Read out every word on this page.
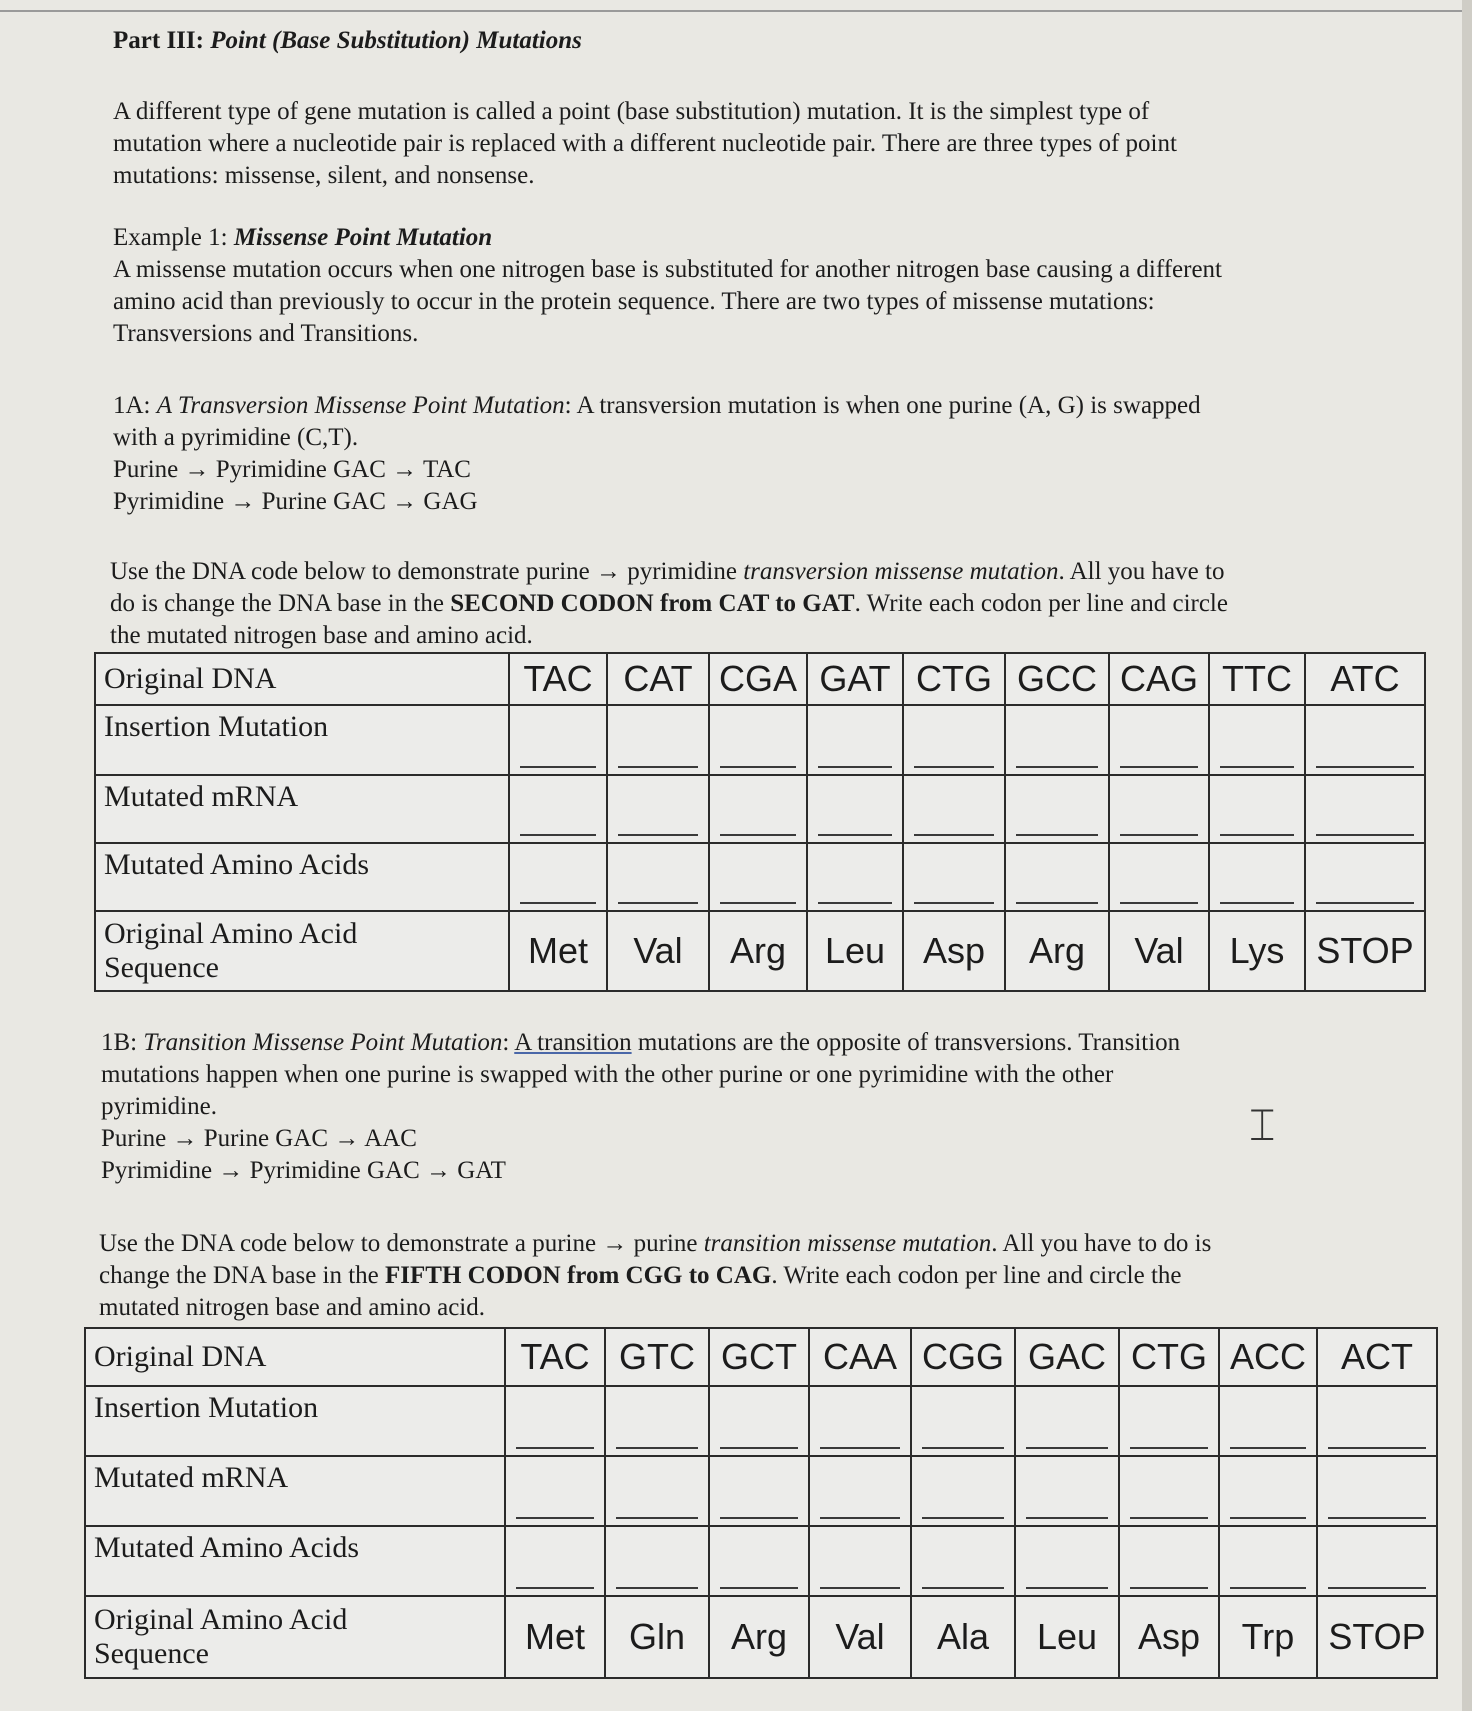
Part III: Point (Base Substitution) Mutations
A different type of gene mutation is called a point (base substitution) mutation. It is the simplest type of
mutation where a nucleotide pair is replaced with a different nucleotide pair. There are three types of point
mutations: missense, silent, and nonsense.
Example 1: Missense Point Mutation
A missense mutation occurs when one nitrogen base is substituted for another nitrogen base causing a different
amino acid than previously to occur in the protein sequence. There are two types of missense mutations:
Transversions and Transitions.
1A: A Transversion Missense Point Mutation: A transversion mutation is when one purine (A, G) is swapped
with a pyrimidine (C,T).
Purine → Pyrimidine GAC → TAC
Pyrimidine → Purine GAC → GAG
Use the DNA code below to demonstrate purine → pyrimidine transversion missense mutation. All you have to
do is change the DNA base in the SECOND CODON from CAT to GAT. Write each codon per line and circle
the mutated nitrogen base and amino acid.
Original DNA	TAC	CAT	CGA	GAT	CTG	GCC	CAG	TTC	ATC
Insertion Mutation									
Mutated mRNA									
Mutated Amino Acids									

Original Amino Acid
Sequence	Met	Val	Arg	Leu	Asp	Arg	Val	Lys	STOP
1B: Transition Missense Point Mutation: A transition mutations are the opposite of transversions. Transition
mutations happen when one purine is swapped with the other purine or one pyrimidine with the other
pyrimidine.
Purine → Purine GAC → AAC
Pyrimidine → Pyrimidine GAC → GAT
⌶
Use the DNA code below to demonstrate a purine → purine transition missense mutation. All you have to do is
change the DNA base in the FIFTH CODON from CGG to CAG. Write each codon per line and circle the
mutated nitrogen base and amino acid.
Original DNA	TAC	GTC	GCT	CAA	CGG	GAC	CTG	ACC	ACT
Insertion Mutation									
Mutated mRNA									
Mutated Amino Acids									

Original Amino Acid
Sequence	Met	Gln	Arg	Val	Ala	Leu	Asp	Trp	STOP
